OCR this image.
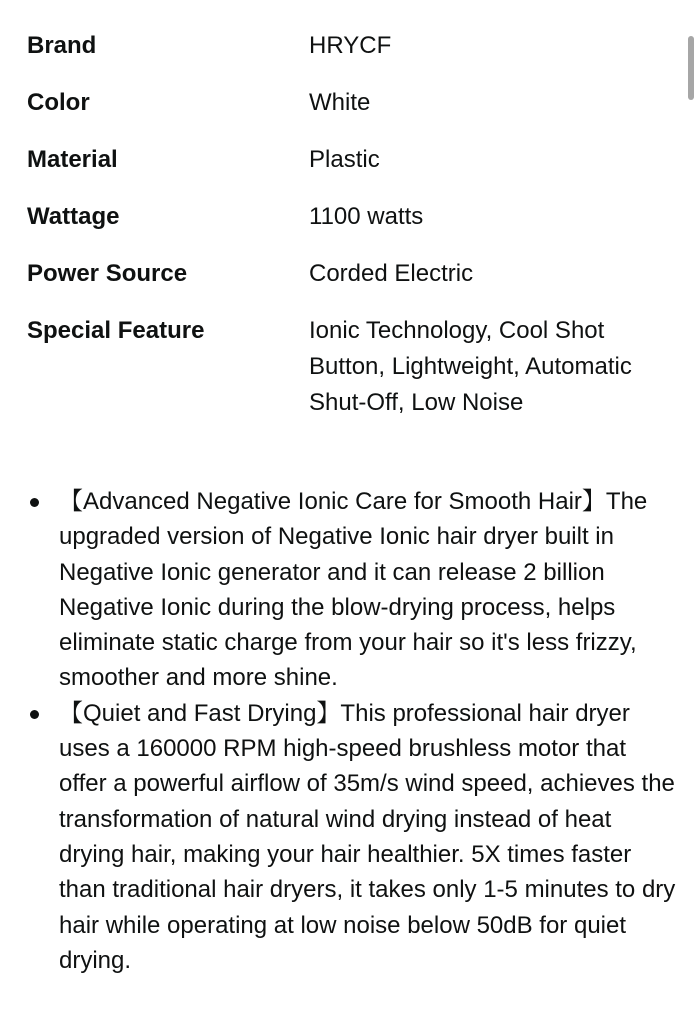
Brand	HRYCF
Color	White
Material	Plastic
Wattage	1100 watts
Power Source	Corded Electric
Special Feature	Ionic Technology, Cool Shot Button, Lightweight, Automatic Shut-Off, Low Noise
【Advanced Negative Ionic Care for Smooth Hair】The upgraded version of Negative Ionic hair dryer built in Negative Ionic generator and it can release 2 billion Negative Ionic during the blow-drying process, helps eliminate static charge from your hair so it's less frizzy, smoother and more shine.
【Quiet and Fast Drying】This professional hair dryer uses a 160000 RPM high-speed brushless motor that offer a powerful airflow of 35m/s wind speed, achieves the transformation of natural wind drying instead of heat drying hair, making your hair healthier. 5X times faster than traditional hair dryers, it takes only 1-5 minutes to dry hair while operating at low noise below 50dB for quiet drying.
